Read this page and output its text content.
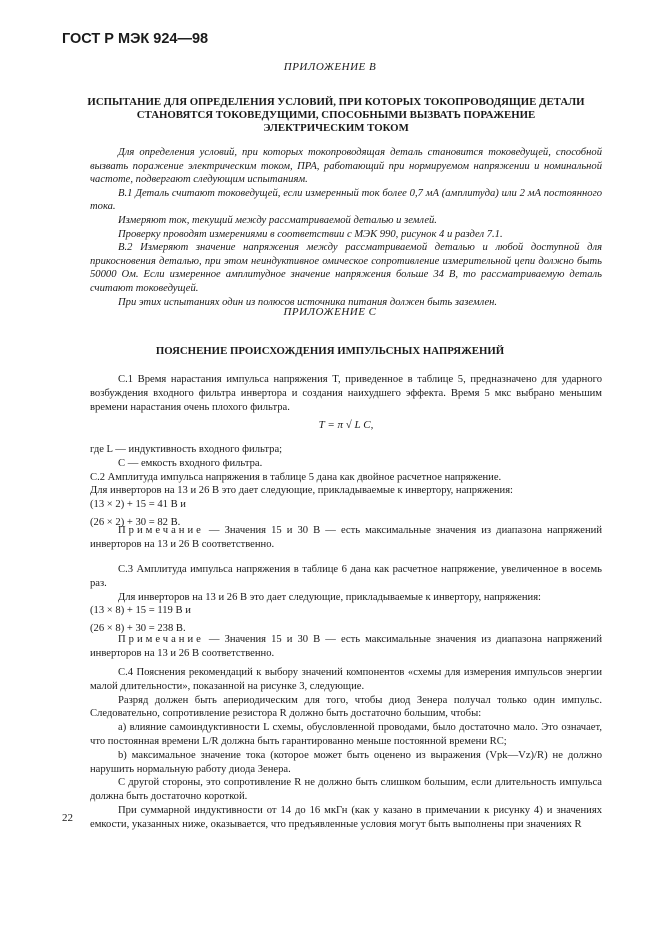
ГОСТ Р МЭК 924—98
ПРИЛОЖЕНИЕ В
ИСПЫТАНИЕ ДЛЯ ОПРЕДЕЛЕНИЯ УСЛОВИЙ, ПРИ КОТОРЫХ ТОКОПРОВОДЯЩИЕ ДЕТАЛИ СТАНОВЯТСЯ ТОКОВЕДУЩИМИ, СПОСОБНЫМИ ВЫЗВАТЬ ПОРАЖЕНИЕ ЭЛЕКТРИЧЕСКИМ ТОКОМ

Для определения условий, при которых токопроводящая деталь становится токоведущей, способной вызвать поражение электрическим током, ПРА, работающий при нормируемом напряжении и номинальной частоте, подвергают следующим испытаниям.

В.1 Деталь считают токоведущей, если измеренный ток более 0,7 мА (амплитуда) или 2 мА постоянного тока.

Измеряют ток, текущий между рассматриваемой деталью и землей.

Проверку проводят измерениями в соответствии с МЭК 990, рисунок 4 и раздел 7.1.

В.2 Измеряют значение напряжения между рассматриваемой деталью и любой доступной для прикосновения деталью, при этом неиндуктивное омическое сопротивление измерительной цепи должно быть 50000 Ом. Если измеренное амплитудное значение напряжения больше 34 В, то рассматриваемую деталь считают токоведущей.

При этих испытаниях один из полюсов источника питания должен быть заземлен.

ПРИЛОЖЕНИЕ С
ПОЯСНЕНИЕ ПРОИСХОЖДЕНИЯ ИМПУЛЬСНЫХ НАПРЯЖЕНИЙ

С.1 Время нарастания импульса напряжения T, приведенное в таблице 5, предназначено для ударного возбуждения входного фильтра инвертора и создания наихудшего эффекта. Время 5 мкс выбрано меньшим времени нарастания очень плохого фильтра.

T = π √ L C,

где L — индуктивность входного фильтра;

C — емкость входного фильтра.

С.2 Амплитуда импульса напряжения в таблице 5 дана как двойное расчетное напряжение.

Для инверторов на 13 и 26 В это дает следующие, прикладываемые к инвертору, напряжения:

(13 × 2) + 15 = 41 В и

(26 × 2) + 30 = 82 В.

Примечание — Значения 15 и 30 В — есть максимальные значения из диапазона напряжений инверторов на 13 и 26 В соответственно.

С.3 Амплитуда импульса напряжения в таблице 6 дана как расчетное напряжение, увеличенное в восемь раз.

Для инверторов на 13 и 26 В это дает следующие, прикладываемые к инвертору, напряжения:

(13 × 8) + 15 = 119 В и

(26 × 8) + 30 = 238 В.

Примечание — Значения 15 и 30 В — есть максимальные значения из диапазона напряжений инверторов на 13 и 26 В соответственно.

С.4 Пояснения рекомендаций к выбору значений компонентов «схемы для измерения импульсов энергии малой длительности», показанной на рисунке 3, следующие.

Разряд должен быть апериодическим для того, чтобы диод Зенера получал только один импульс. Следовательно, сопротивление резистора R должно быть достаточно большим, чтобы:

a) влияние самоиндуктивности L схемы, обусловленной проводами, было достаточно мало. Это означает, что постоянная времени L/R должна быть гарантированно меньше постоянной времени RC;

b) максимальное значение тока (которое может быть оценено из выражения (Vpk—Vz)/R) не должно нарушить нормальную работу диода Зенера.

С другой стороны, это сопротивление R не должно быть слишком большим, если длительность импульса должна быть достаточно короткой.

При суммарной индуктивности от 14 до 16 мкГн (как у казано в примечании к рисунку 4) и значениях емкости, указанных ниже, оказывается, что предъявленные условия могут быть выполнены при значениях R

22
